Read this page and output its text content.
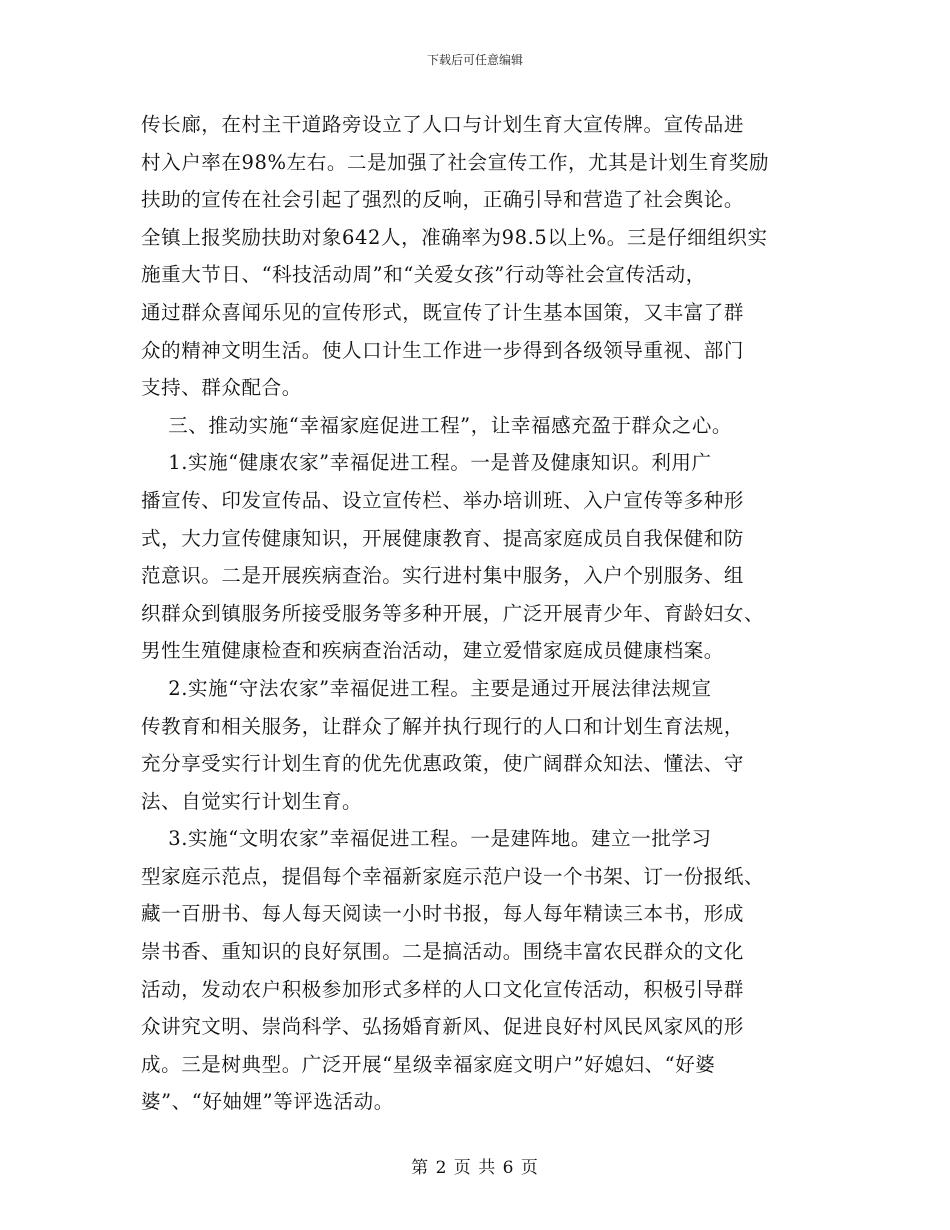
下载后可任意编辑
传长廊，在村主干道路旁设立了人口与计划生育大宣传牌。宣传品进
村入户率在98%左右。二是加强了社会宣传工作，尤其是计划生育奖励
扶助的宣传在社会引起了强烈的反响，正确引导和营造了社会舆论。
全镇上报奖励扶助对象642人，准确率为98.5以上%。三是仔细组织实
施重大节日、“科技活动周”和“关爱女孩”行动等社会宣传活动，
通过群众喜闻乐见的宣传形式，既宣传了计生基本国策，又丰富了群
众的精神文明生活。使人口计生工作进一步得到各级领导重视、部门
支持、群众配合。
三、推动实施“幸福家庭促进工程”，让幸福感充盈于群众之心。
1.实施“健康农家”幸福促进工程。一是普及健康知识。利用广
播宣传、印发宣传品、设立宣传栏、举办培训班、入户宣传等多种形
式，大力宣传健康知识，开展健康教育、提高家庭成员自我保健和防
范意识。二是开展疾病查治。实行进村集中服务，入户个别服务、组
织群众到镇服务所接受服务等多种开展，广泛开展青少年、育龄妇女、
男性生殖健康检查和疾病查治活动，建立爱惜家庭成员健康档案。
2.实施“守法农家”幸福促进工程。主要是通过开展法律法规宣
传教育和相关服务，让群众了解并执行现行的人口和计划生育法规，
充分享受实行计划生育的优先优惠政策，使广阔群众知法、懂法、守
法、自觉实行计划生育。
3.实施“文明农家”幸福促进工程。一是建阵地。建立一批学习
型家庭示范点，提倡每个幸福新家庭示范户设一个书架、订一份报纸、
藏一百册书、每人每天阅读一小时书报，每人每年精读三本书，形成
崇书香、重知识的良好氛围。二是搞活动。围绕丰富农民群众的文化
活动，发动农户积极参加形式多样的人口文化宣传活动，积极引导群
众讲究文明、崇尚科学、弘扬婚育新风、促进良好村风民风家风的形
成。三是树典型。广泛开展“星级幸福家庭文明户”好媳妇、“好婆
婆”、“好妯娌”等评选活动。
第 2 页 共 6 页
